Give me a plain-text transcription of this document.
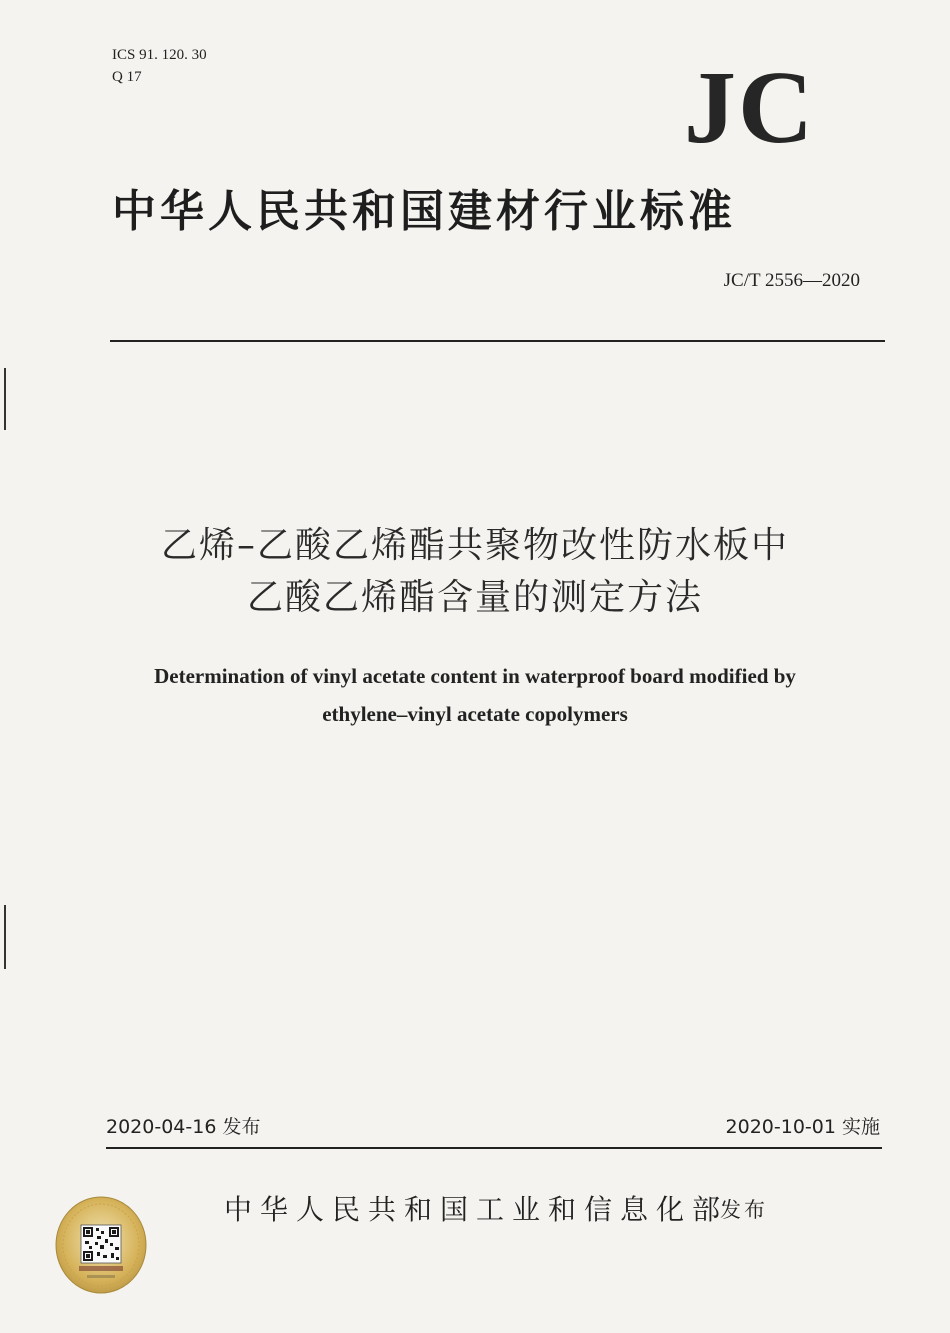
ICS 91. 120. 30
Q 17	JC
中华人民共和国建材行业标准
JC/T 2556—2020
乙烯–乙酸乙烯酯共聚物改性防水板中
乙酸乙烯酯含量的测定方法
Determination of vinyl acetate content in waterproof board modified by
ethylene–vinyl acetate copolymers
2020-04-16 发布	2020-10-01 实施
中华人民共和国工业和信息化部
发布
